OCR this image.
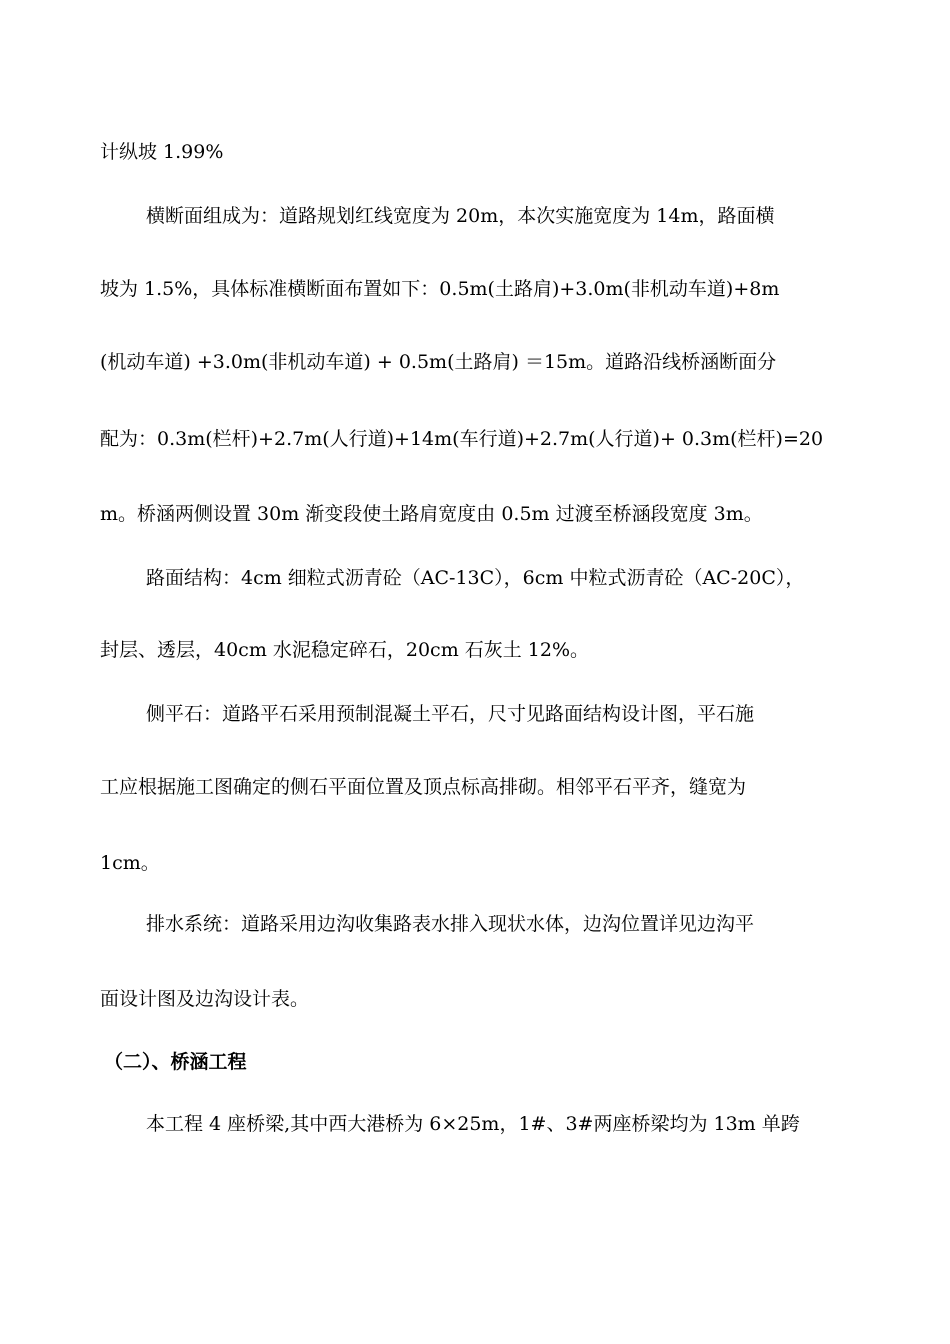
计纵坡 1.99%

横断面组成为：道路规划红线宽度为 20m，本次实施宽度为 14m，路面横

坡为 1.5%，具体标准横断面布置如下：0.5m(土路肩)+3.0m(非机动车道)+8m

(机动车道) +3.0m(非机动车道) + 0.5m(土路肩) ＝15m。道路沿线桥涵断面分

配为：0.3m(栏杆)+2.7m(人行道)+14m(车行道)+2.7m(人行道)+ 0.3m(栏杆)=20

m。桥涵两侧设置 30m 渐变段使土路肩宽度由 0.5m 过渡至桥涵段宽度 3m。

路面结构：4cm 细粒式沥青砼（AC-13C），6cm 中粒式沥青砼（AC-20C），

封层、透层，40cm 水泥稳定碎石，20cm 石灰土 12%。

侧平石：道路平石采用预制混凝土平石，尺寸见路面结构设计图，平石施

工应根据施工图确定的侧石平面位置及顶点标高排砌。相邻平石平齐，缝宽为

1cm。

排水系统：道路采用边沟收集路表水排入现状水体，边沟位置详见边沟平

面设计图及边沟设计表。

（二）、桥涵工程

本工程 4 座桥梁,其中西大港桥为 6×25m，1#、3#两座桥梁均为 13m 单跨
